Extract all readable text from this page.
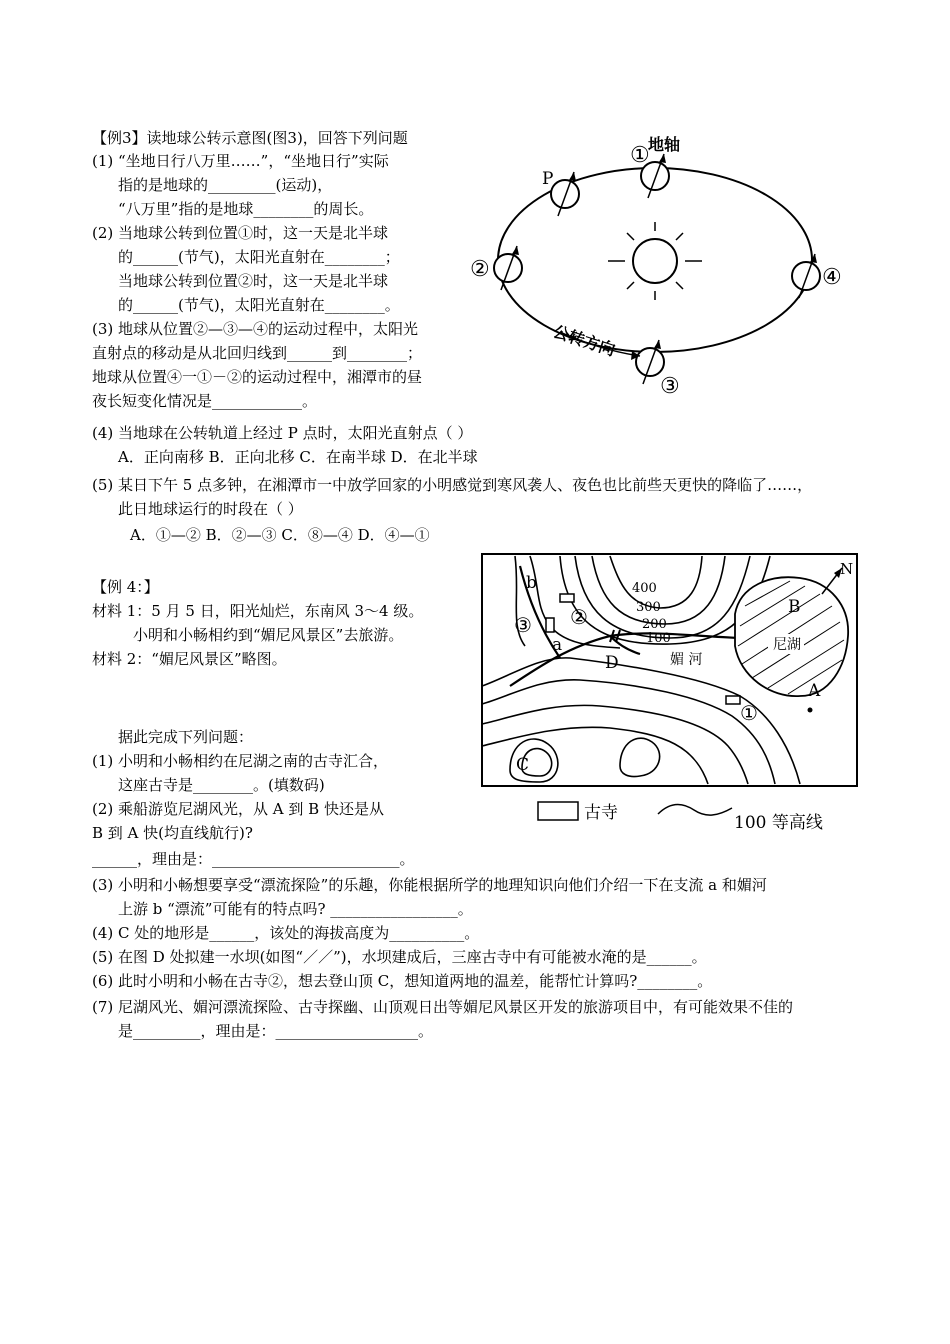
【例3】读地球公转示意图(图3)，回答下列问题
(1) “坐地日行八万里……”，“坐地日行”实际
指的是地球的_________(运动)，
“八万里”指的是地球________的周长。
(2) 当地球公转到位置①时，这一天是北半球
的______(节气)，太阳光直射在________；
当地球公转到位置②时，这一天是北半球
的______(节气)，太阳光直射在________。
(3) 地球从位置②—③—④的运动过程中，太阳光
直射点的移动是从北回归线到______到________；
地球从位置④一①－②的运动过程中，湘潭市的昼
夜长短变化情况是____________。
(4) 当地球在公转轨道上经过 P 点时，太阳光直射点（ ）
A．正向南移 B．正向北移 C．在南半球 D．在北半球
(5) 某日下午 5 点多钟，在湘潭市一中放学回家的小明感觉到寒风袭人、夜色也比前些天更快的降临了……，
此日地球运行的时段在（ ）
A．①—② B．②—③ C．⑧—④ D．④—①
地轴
①
P
②
③
④
公转方向
【例 4：】
材料 1：5 月 5 日，阳光灿烂，东南风 3～4 级。
小明和小畅相约到“媚尼风景区”去旅游。
材料 2：“媚尼风景区”略图。
据此完成下列问题：
(1) 小明和小畅相约在尼湖之南的古寺汇合，
这座古寺是________。(填数码)
(2) 乘船游览尼湖风光，从 A 到 B 快还是从
B 到 A 快(均直线航行)?
______，理由是：_________________________。
(3) 小明和小畅想要享受“漂流探险”的乐趣，你能根据所学的地理知识向他们介绍一下在支流 a 和媚河
上游 b “漂流”可能有的特点吗? _________________。
(4) C 处的地形是______，该处的海拔高度为__________。
(5) 在图 D 处拟建一水坝(如图“／／”)，水坝建成后，三座古寺中有可能被水淹的是______。
(6) 此时小明和小畅在古寺②，想去登山顶 C，想知道两地的温差，能帮忙计算吗?________。
(7) 尼湖风光、媚河漂流探险、古寺探幽、山顶观日出等媚尼风景区开发的旅游项目中，有可能效果不佳的
是_________，理由是：___________________。
b
a
D
C
B
A
N
尼湖
媚 河
400
300
200
100
②
③
①
古寺	100 等高线
